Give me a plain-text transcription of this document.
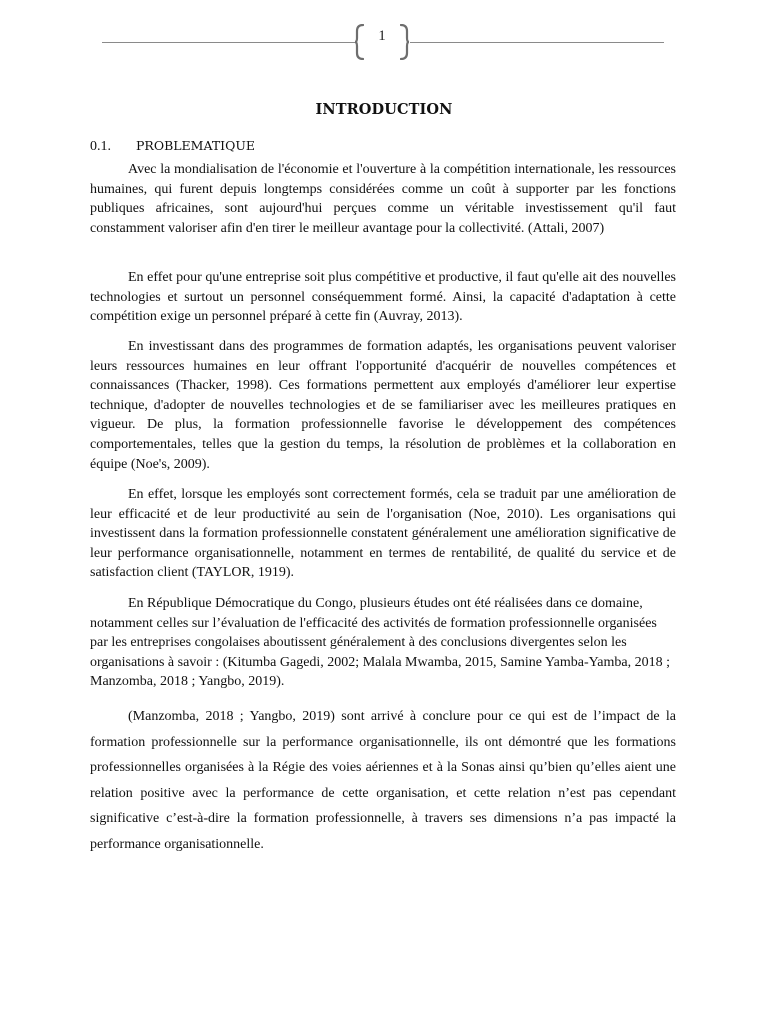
1
INTRODUCTION
0.1. PROBLEMATIQUE

Avec la mondialisation de l'économie et l'ouverture à la compétition internationale, les ressources humaines, qui furent depuis longtemps considérées comme un coût à supporter par les fonctions publiques africaines, sont aujourd'hui perçues comme un véritable investissement qu'il faut constamment valoriser afin d'en tirer le meilleur avantage pour la collectivité. (Attali, 2007)

En effet pour qu'une entreprise soit plus compétitive et productive, il faut qu'elle ait des nouvelles technologies et surtout un personnel conséquemment formé. Ainsi, la capacité d'adaptation à cette compétition exige un personnel préparé à cette fin (Auvray, 2013).

En investissant dans des programmes de formation adaptés, les organisations peuvent valoriser leurs ressources humaines en leur offrant l'opportunité d'acquérir de nouvelles compétences et connaissances (Thacker, 1998). Ces formations permettent aux employés d'améliorer leur expertise technique, d'adopter de nouvelles technologies et de se familiariser avec les meilleures pratiques en vigueur. De plus, la formation professionnelle favorise le développement des compétences comportementales, telles que la gestion du temps, la résolution de problèmes et la collaboration en équipe (Noe's, 2009).

En effet, lorsque les employés sont correctement formés, cela se traduit par une amélioration de leur efficacité et de leur productivité au sein de l'organisation (Noe, 2010). Les organisations qui investissent dans la formation professionnelle constatent généralement une amélioration significative de leur performance organisationnelle, notamment en termes de rentabilité, de qualité du service et de satisfaction client (TAYLOR, 1919).

En République Démocratique du Congo, plusieurs études ont été réalisées dans ce domaine, notamment celles sur l’évaluation de l'efficacité des activités de formation professionnelle organisées par les entreprises congolaises aboutissent généralement à des conclusions divergentes selon les organisations à savoir : (Kitumba Gagedi, 2002; Malala Mwamba, 2015, Samine Yamba-Yamba, 2018 ; Manzomba, 2018 ; Yangbo, 2019).

(Manzomba, 2018 ; Yangbo, 2019) sont arrivé à conclure pour ce qui est de l’impact de la formation professionnelle sur la performance organisationnelle, ils ont démontré que les formations professionnelles organisées à la Régie des voies aériennes et à la Sonas ainsi qu’bien qu’elles aient une relation positive avec la performance de cette organisation, et cette relation n’est pas cependant significative c’est-à-dire la formation professionnelle, à travers ses dimensions n’a pas impacté la performance organisationnelle.
